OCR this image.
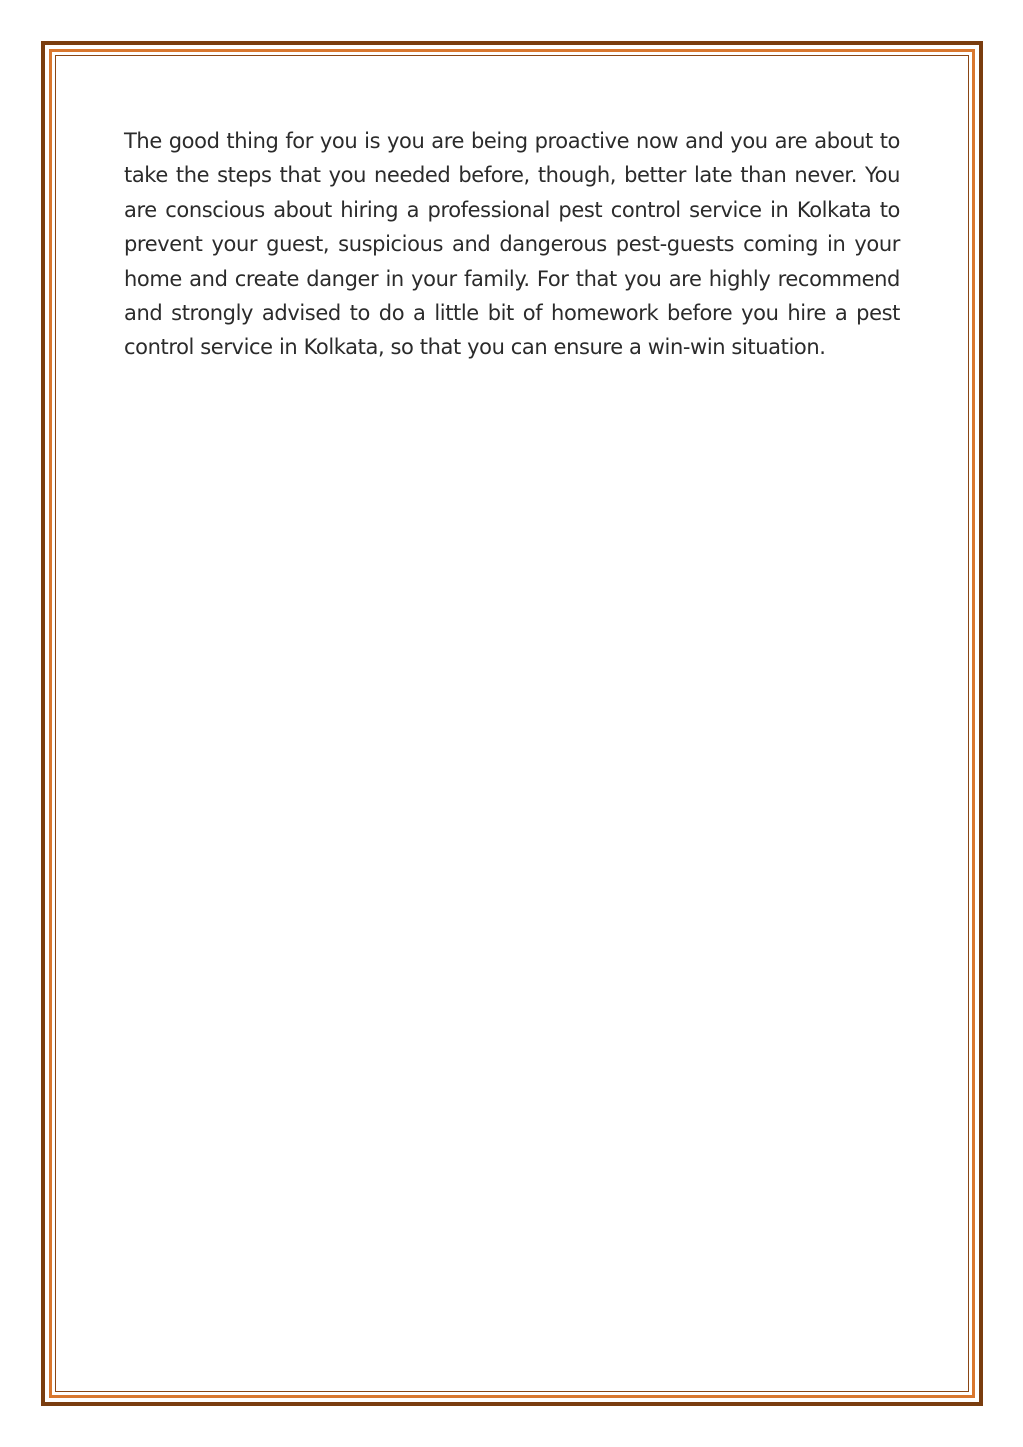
The good thing for you is you are being proactive now and you are about to take the steps that you needed before, though, better late than never. You are conscious about hiring a professional pest control service in Kolkata to prevent your guest, suspicious and dangerous pest-guests coming in your home and create danger in your family. For that you are highly recommend and strongly advised to do a little bit of homework before you hire a pest control service in Kolkata, so that you can ensure a win-win situation.
